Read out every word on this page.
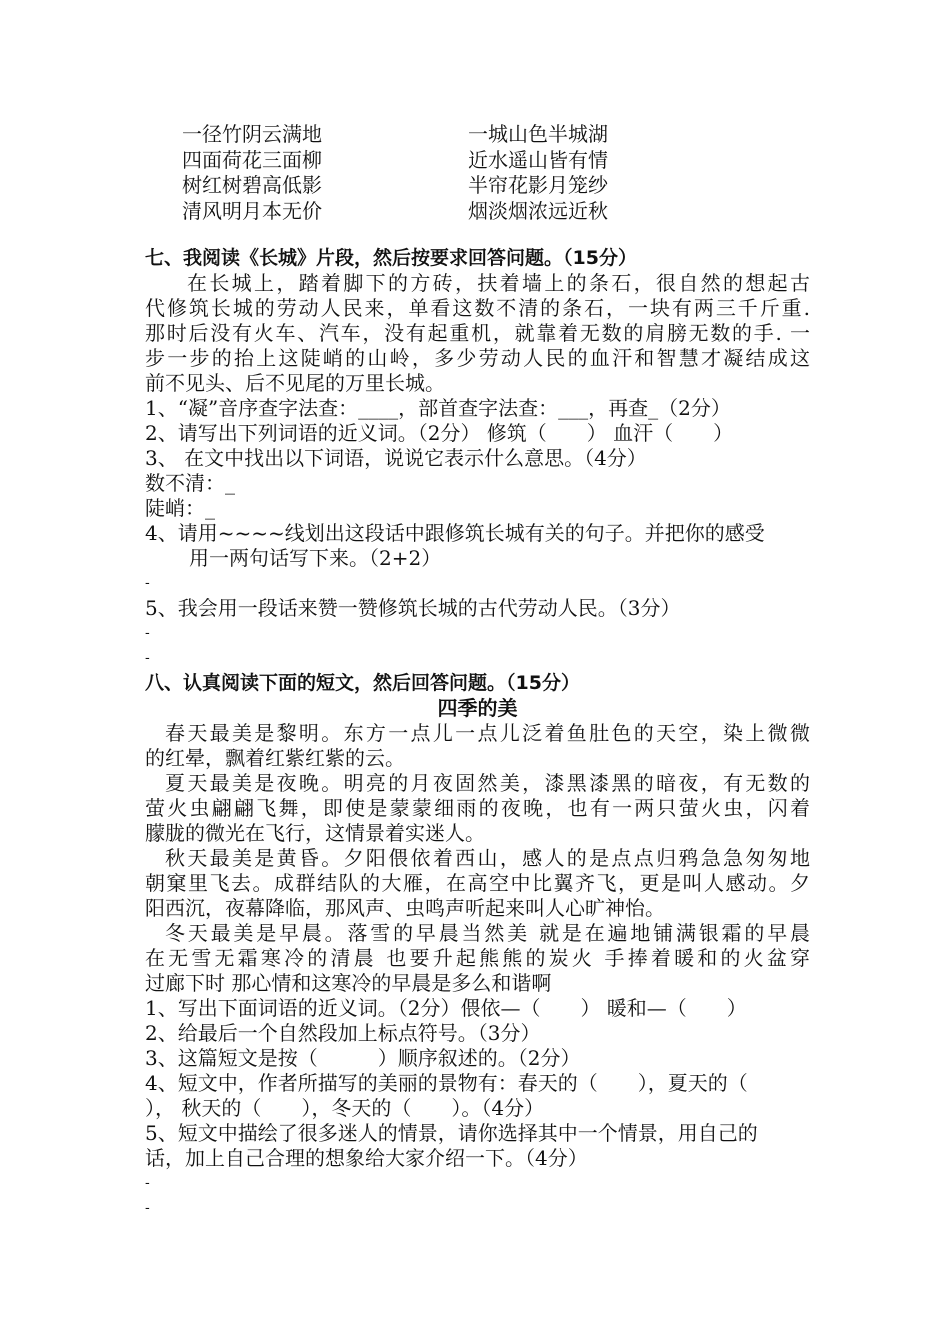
一径竹阴云满地	一城山色半城湖
四面荷花三面柳	近水遥山皆有情
树红树碧高低影	半帘花影月笼纱
清风明月本无价	烟淡烟浓远近秋
七、我阅读《长城》片段，然后按要求回答问题。（15分）
在长城上，踏着脚下的方砖，扶着墙上的条石，很自然的想起古
代修筑长城的劳动人民来，单看这数不清的条石，一块有两三千斤重.
那时后没有火车、汽车，没有起重机，就靠着无数的肩膀无数的手. 一
步一步的抬上这陡峭的山岭，多少劳动人民的血汗和智慧才凝结成这
前不见头、后不见尾的万里长城。
1、“凝”音序查字法查：____，部首查字法查：___，再查_（2分）
2、请写出下列词语的近义词。（2分） 修筑（　　） 血汗（　　）
3、 在文中找出以下词语，说说它表示什么意思。（4分）
数不清：_
陡峭：_
4、请用~~~~线划出这段话中跟修筑长城有关的句子。并把你的感受
用一两句话写下来。（2+2）
-
5、我会用一段话来赞一赞修筑长城的古代劳动人民。（3分）
-
-
八、认真阅读下面的短文，然后回答问题。（15分）
四季的美
春天最美是黎明。东方一点儿一点儿泛着鱼肚色的天空，染上微微
的红晕，飘着红紫红紫的云。
夏天最美是夜晚。明亮的月夜固然美，漆黑漆黑的暗夜，有无数的
萤火虫翩翩飞舞，即使是蒙蒙细雨的夜晚，也有一两只萤火虫，闪着
朦胧的微光在飞行，这情景着实迷人。
秋天最美是黄昏。夕阳偎依着西山，感人的是点点归鸦急急匆匆地
朝窠里飞去。成群结队的大雁，在高空中比翼齐飞，更是叫人感动。夕
阳西沉，夜幕降临，那风声、虫鸣声听起来叫人心旷神怡。
冬天最美是早晨。落雪的早晨当然美 就是在遍地铺满银霜的早晨
在无雪无霜寒冷的清晨 也要升起熊熊的炭火 手捧着暖和的火盆穿
过廊下时 那心情和这寒冷的早晨是多么和谐啊
1、写出下面词语的近义词。（2分）偎依—（　　） 暖和—（　　）
2、给最后一个自然段加上标点符号。（3分）
3、这篇短文是按（　　　）顺序叙述的。（2分）
4、短文中，作者所描写的美丽的景物有：春天的（　　），夏天的（
）， 秋天的（　　），冬天的（　　）。（4分）
5、短文中描绘了很多迷人的情景，请你选择其中一个情景，用自己的
话，加上自己合理的想象给大家介绍一下。（4分）
-
-
